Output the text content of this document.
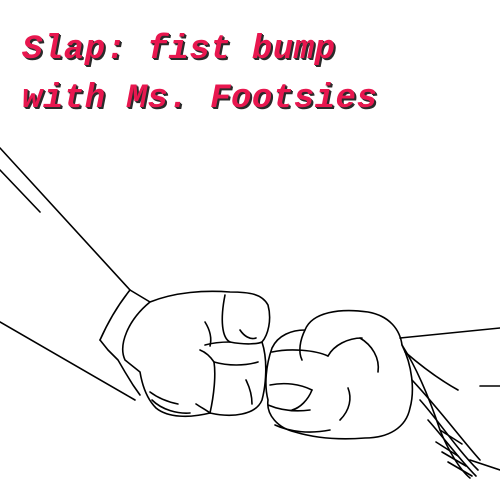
Slap: fist bump
with Ms. Footsies
